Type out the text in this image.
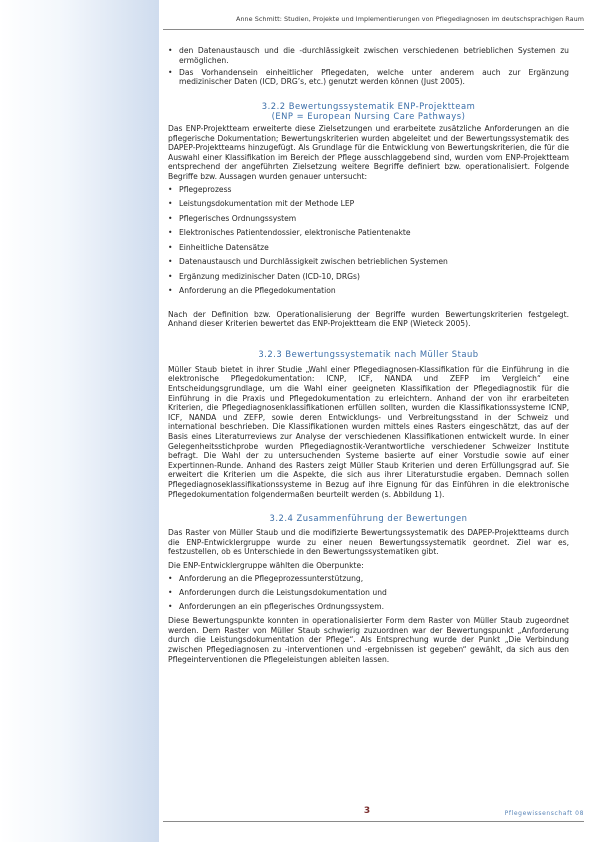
Anne Schmitt: Studien, Projekte und Implementierungen von Pflegediagnosen im deutschsprachigen Raum
• den Datenaustausch und die -durchlässigkeit zwischen verschiedenen betrieblichen Systemen zu ermöglichen.
• Das Vorhandensein einheitlicher Pflegedaten, welche unter anderem auch zur Ergänzung medizinischer Daten (ICD, DRG’s, etc.) genutzt werden können (Just 2005).
3.2.2 Bewertungssystematik ENP-Projektteam
(ENP = European Nursing Care Pathways)

Das ENP-Projektteam erweiterte diese Zielsetzungen und erarbeitete zusätzliche Anforderungen an die pflegerische Dokumentation; Bewertungskriterien wurden abgeleitet und der Bewertungssystematik des DAPEP-Projektteams hinzugefügt. Als Grundlage für die Entwicklung von Bewertungskriterien, die für die Auswahl einer Klassifikation im Bereich der Pflege ausschlaggebend sind, wurden vom ENP-Projektteam entsprechend der angeführten Zielsetzung weitere Begriffe definiert bzw. operationalisiert. Folgende Begriffe bzw. Aussagen wurden genauer untersucht:

• Pflegeprozess
• Leistungsdokumentation mit der Methode LEP
• Pflegerisches Ordnungssystem
• Elektronisches Patientendossier, elektronische Patientenakte
• Einheitliche Datensätze
• Datenaustausch und Durchlässigkeit zwischen betrieblichen Systemen
• Ergänzung medizinischer Daten (ICD-10, DRGs)
• Anforderung an die Pflegedokumentation

Nach der Definition bzw. Operationalisierung der Begriffe wurden Bewertungskriterien festgelegt. Anhand dieser Kriterien bewertet das ENP-Projektteam die ENP (Wieteck 2005).

3.2.3 Bewertungssystematik nach Müller Staub

Müller Staub bietet in ihrer Studie „Wahl einer Pflegediagnosen-Klassifikation für die Einführung in die elektronische Pflegedokumentation: ICNP, ICF, NANDA und ZEFP im Vergleich“ eine Entscheidungsgrundlage, um die Wahl einer geeigneten Klassifikation der Pflegediagnostik für die Einführung in die Praxis und Pflegedokumentation zu erleichtern. Anhand der von ihr erarbeiteten Kriterien, die Pflegediagnosenklassifikationen erfüllen sollten, wurden die Klassifikationssysteme ICNP, ICF, NANDA und ZEFP, sowie deren Entwicklungs- und Verbreitungsstand in der Schweiz und international beschrieben. Die Klassifikationen wurden mittels eines Rasters eingeschätzt, das auf der Basis eines Literaturreviews zur Analyse der verschiedenen Klassifikationen entwickelt wurde. In einer Gelegenheitsstichprobe wurden Pflegediagnostik-Verantwortliche verschiedener Schweizer Institute befragt. Die Wahl der zu untersuchenden Systeme basierte auf einer Vorstudie sowie auf einer Expertinnen-Runde. Anhand des Rasters zeigt Müller Staub Kriterien und deren Erfüllungsgrad auf. Sie erweitert die Kriterien um die Aspekte, die sich aus ihrer Literaturstudie ergaben. Demnach sollen Pflegediagnoseklassifikationssysteme in Bezug auf ihre Eignung für das Einführen in die elektronische Pflegedokumentation folgendermaßen beurteilt werden (s. Abbildung 1).

3.2.4 Zusammenführung der Bewertungen

Das Raster von Müller Staub und die modifizierte Bewertungssystematik des DAPEP-Projektteams durch die ENP-Entwicklergruppe wurde zu einer neuen Bewertungssystematik geordnet. Ziel war es, festzustellen, ob es Unterschiede in den Bewertungssystematiken gibt.

Die ENP-Entwicklergruppe wählten die Oberpunkte:

• Anforderung an die Pflegeprozessunterstützung,
• Anforderungen durch die Leistungsdokumentation und
• Anforderungen an ein pflegerisches Ordnungssystem.

Diese Bewertungspunkte konnten in operationalisierter Form dem Raster von Müller Staub zugeordnet werden. Dem Raster von Müller Staub schwierig zuzuordnen war der Bewertungspunkt „Anforderung durch die Leistungsdokumentation der Pflege“. Als Entsprechung wurde der Punkt „Die Verbindung zwischen Pflegediagnosen zu -interventionen und -ergebnissen ist gegeben“ gewählt, da sich aus den Pflegeinterventionen die Pflegeleistungen ableiten lassen.

3	Pflegewissenschaft 08
